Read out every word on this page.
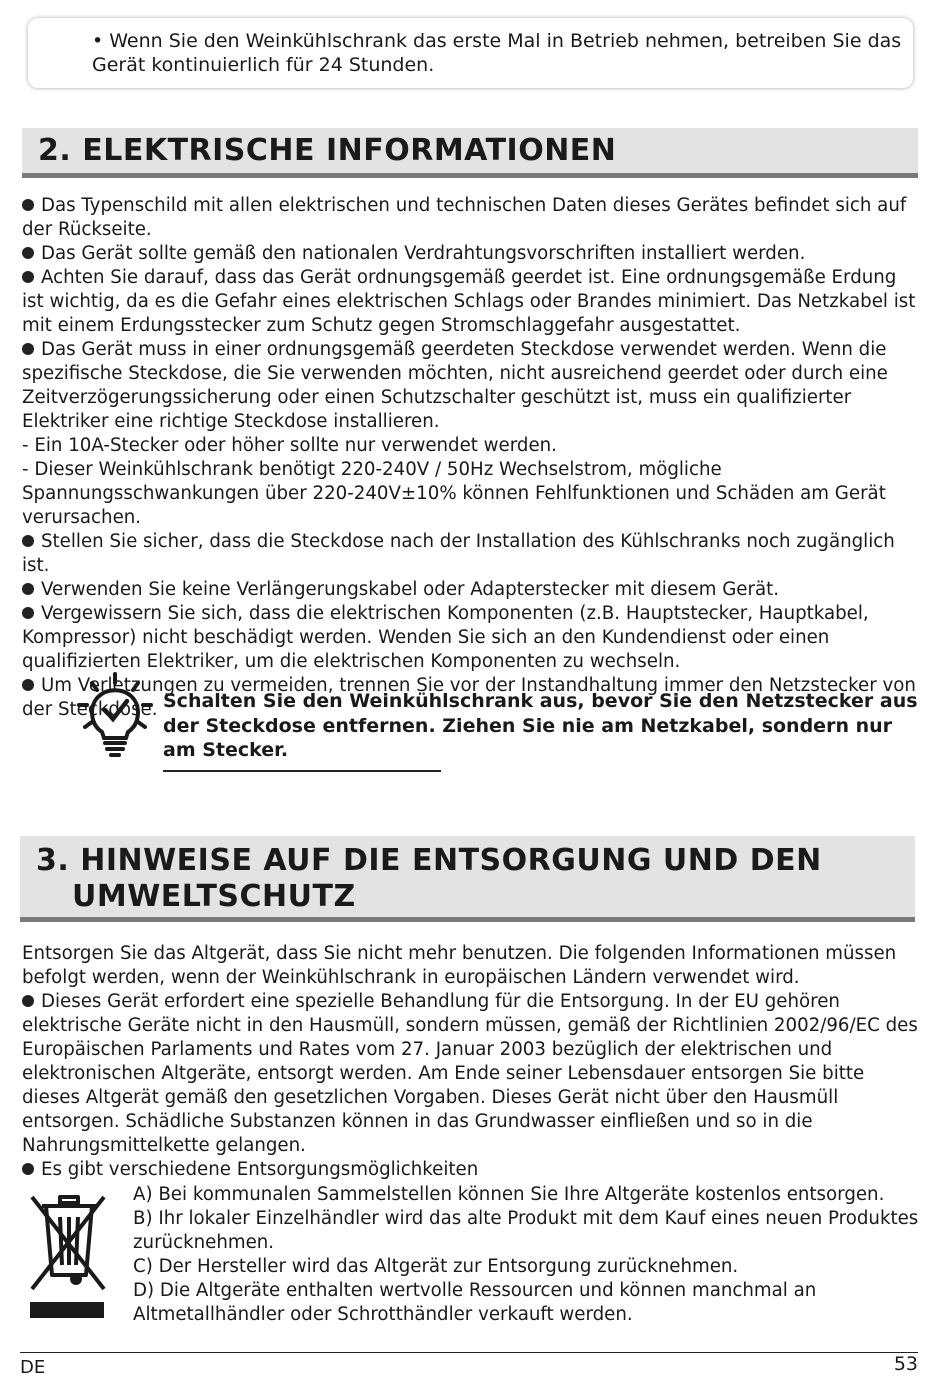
• Wenn Sie den Weinkühlschrank das erste Mal in Betrieb nehmen, betreiben Sie das Gerät kontinuierlich für 24 Stunden.

2. ELEKTRISCHE INFORMATIONEN

Das Typenschild mit allen elektrischen und technischen Daten dieses Gerätes befindet sich auf der Rückseite.

Das Gerät sollte gemäß den nationalen Verdrahtungsvorschriften installiert werden.

Achten Sie darauf, dass das Gerät ordnungsgemäß geerdet ist. Eine ordnungsgemäße Erdung ist wichtig, da es die Gefahr eines elektrischen Schlags oder Brandes minimiert. Das Netzkabel ist mit einem Erdungsstecker zum Schutz gegen Stromschlaggefahr ausgestattet.

Das Gerät muss in einer ordnungsgemäß geerdeten Steckdose verwendet werden. Wenn die spezifische Steckdose, die Sie verwenden möchten, nicht ausreichend geerdet oder durch eine Zeitverzögerungssicherung oder einen Schutzschalter geschützt ist, muss ein qualifizierter Elektriker eine richtige Steckdose installieren.

- Ein 10A-Stecker oder höher sollte nur verwendet werden.

- Dieser Weinkühlschrank benötigt 220-240V / 50Hz Wechselstrom, mögliche Spannungsschwankungen über 220-240V±10% können Fehlfunktionen und Schäden am Gerät verursachen.

Stellen Sie sicher, dass die Steckdose nach der Installation des Kühlschranks noch zugänglich ist.

Verwenden Sie keine Verlängerungskabel oder Adapterstecker mit diesem Gerät.

Vergewissern Sie sich, dass die elektrischen Komponenten (z.B. Hauptstecker, Hauptkabel, Kompressor) nicht beschädigt werden. Wenden Sie sich an den Kundendienst oder einen qualifizierten Elektriker, um die elektrischen Komponenten zu wechseln.

Um Verletzungen zu vermeiden, trennen Sie vor der Instandhaltung immer den Netzstecker von der Steckdose. Schalten Sie den Weinkühlschrank aus, bevor Sie den Netzstecker aus der Steckdose entfernen. Ziehen Sie nie am Netzkabel, sondern nur am Stecker.

3. HINWEISE AUF DIE ENTSORGUNG UND DEN UMWELTSCHUTZ

Entsorgen Sie das Altgerät, dass Sie nicht mehr benutzen. Die folgenden Informationen müssen befolgt werden, wenn der Weinkühlschrank in europäischen Ländern verwendet wird.

Dieses Gerät erfordert eine spezielle Behandlung für die Entsorgung. In der EU gehören elektrische Geräte nicht in den Hausmüll, sondern müssen, gemäß der Richtlinien 2002/96/EC des Europäischen Parlaments und Rates vom 27. Januar 2003 bezüglich der elektrischen und elektronischen Altgeräte, entsorgt werden. Am Ende seiner Lebensdauer entsorgen Sie bitte dieses Altgerät gemäß den gesetzlichen Vorgaben. Dieses Gerät nicht über den Hausmüll entsorgen. Schädliche Substanzen können in das Grundwasser einfließen und so in die Nahrungsmittelkette gelangen.

Es gibt verschiedene Entsorgungsmöglichkeiten

A) Bei kommunalen Sammelstellen können Sie Ihre Altgeräte kostenlos entsorgen.

B) Ihr lokaler Einzelhändler wird das alte Produkt mit dem Kauf eines neuen Produktes zurücknehmen.

C) Der Hersteller wird das Altgerät zur Entsorgung zurücknehmen.

D) Die Altgeräte enthalten wertvolle Ressourcen und können manchmal an Altmetallhändler oder Schrotthändler verkauft werden.

DE	53
